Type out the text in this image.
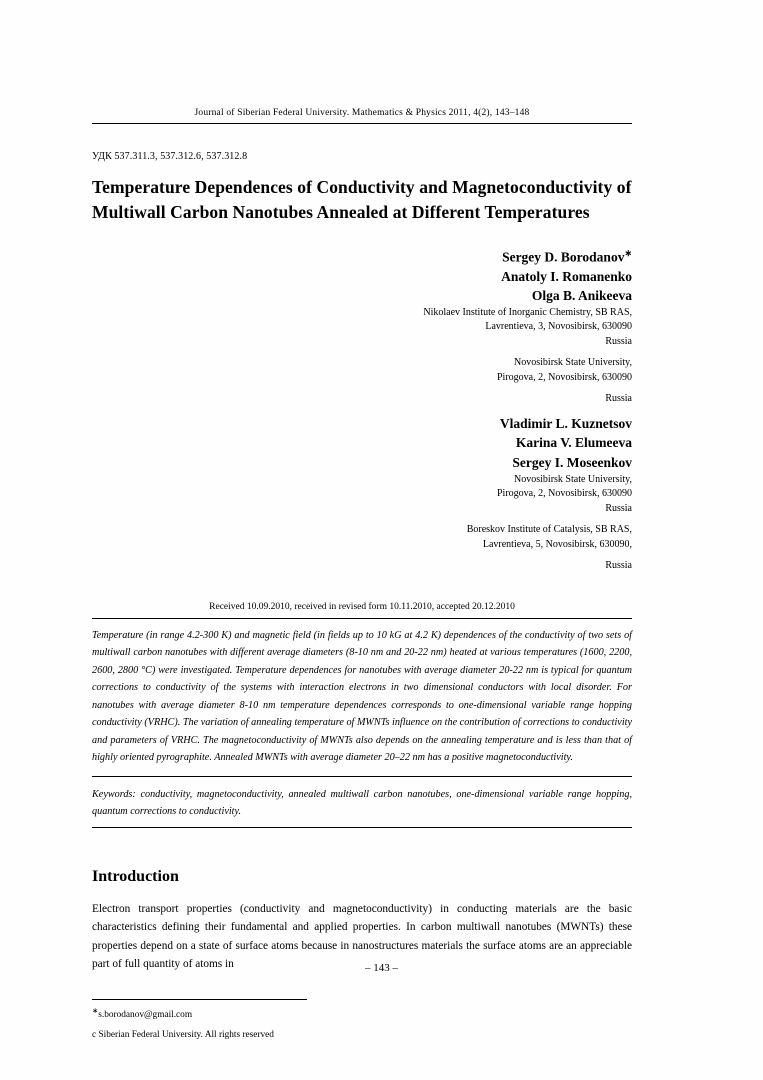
Journal of Siberian Federal University. Mathematics & Physics 2011, 4(2), 143–148
УДК 537.311.3, 537.312.6, 537.312.8
Temperature Dependences of Conductivity and Magnetoconductivity of Multiwall Carbon Nanotubes Annealed at Different Temperatures
Sergey D. Borodanov∗
Anatoly I. Romanenko
Olga B. Anikeeva
Nikolaev Institute of Inorganic Chemistry, SB RAS,
Lavrentieva, 3, Novosibirsk, 630090
Russia
Novosibirsk State University,
Pirogova, 2, Novosibirsk, 630090
Russia
Vladimir L. Kuznetsov
Karina V. Elumeeva
Sergey I. Moseenkov
Novosibirsk State University,
Pirogova, 2, Novosibirsk, 630090
Russia
Boreskov Institute of Catalysis, SB RAS,
Lavrentieva, 5, Novosibirsk, 630090,
Russia
Received 10.09.2010, received in revised form 10.11.2010, accepted 20.12.2010
Temperature (in range 4.2-300 K) and magnetic field (in fields up to 10 kG at 4.2 K) dependences of the conductivity of two sets of multiwall carbon nanotubes with different average diameters (8-10 nm and 20-22 nm) heated at various temperatures (1600, 2200, 2600, 2800 °C) were investigated. Temperature dependences for nanotubes with average diameter 20-22 nm is typical for quantum corrections to conductivity of the systems with interaction electrons in two dimensional conductors with local disorder. For nanotubes with average diameter 8-10 nm temperature dependences corresponds to one-dimensional variable range hopping conductivity (VRHC). The variation of annealing temperature of MWNTs influence on the contribution of corrections to conductivity and parameters of VRHC. The magnetoconductivity of MWNTs also depends on the annealing temperature and is less than that of highly oriented pyrographite. Annealed MWNTs with average diameter 20–22 nm has a positive magnetoconductivity.
Keywords: conductivity, magnetoconductivity, annealed multiwall carbon nanotubes, one-dimensional variable range hopping, quantum corrections to conductivity.
Introduction
Electron transport properties (conductivity and magnetoconductivity) in conducting materials are the basic characteristics defining their fundamental and applied properties. In carbon multiwall nanotubes (MWNTs) these properties depend on a state of surface atoms because in nanostructures materials the surface atoms are an appreciable part of full quantity of atoms in
∗s.borodanov@gmail.com
c Siberian Federal University. All rights reserved
– 143 –
